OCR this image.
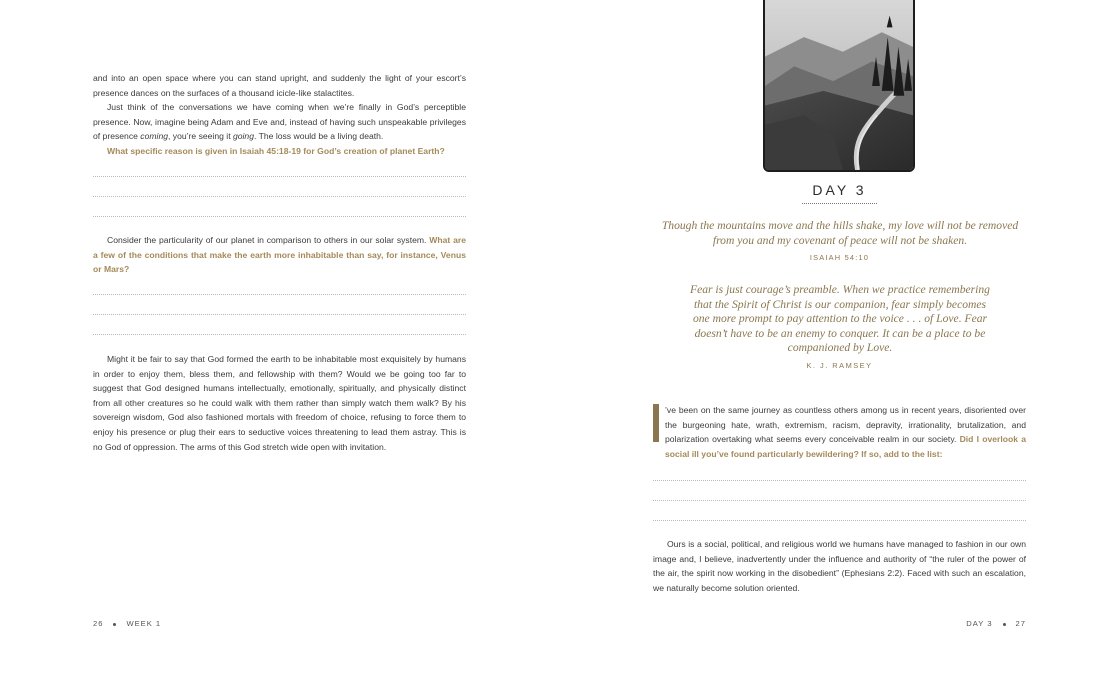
and into an open space where you can stand upright, and suddenly the light of your escort’s presence dances on the surfaces of a thousand icicle-like stalactites.

Just think of the conversations we have coming when we’re finally in God’s perceptible presence. Now, imagine being Adam and Eve and, instead of having such unspeakable privileges of presence coming, you’re seeing it going. The loss would be a living death.

What specific reason is given in Isaiah 45:18-19 for God’s creation of planet Earth?

Consider the particularity of our planet in comparison to others in our solar system. What are a few of the conditions that make the earth more inhabitable than say, for instance, Venus or Mars?

Might it be fair to say that God formed the earth to be inhabitable most exquisitely by humans in order to enjoy them, bless them, and fellowship with them? Would we be going too far to suggest that God designed humans intellectually, emotionally, spiritually, and physically distinct from all other creatures so he could walk with them rather than simply watch them walk? By his sovereign wisdom, God also fashioned mortals with freedom of choice, refusing to force them to enjoy his presence or plug their ears to seductive voices threatening to lead them astray. This is no God of oppression. The arms of this God stretch wide open with invitation.

26	WEEK 1
DAY 3
Though the mountains move and the hills shake, my love will not be removed from you and my covenant of peace will not be shaken.
ISAIAH 54:10
Fear is just courage’s preamble. When we practice remembering that the Spirit of Christ is our companion, fear simply becomes one more prompt to pay attention to the voice . . . of Love. Fear doesn’t have to be an enemy to conquer. It can be a place to be companioned by Love.
K. J. RAMSEY

’ve been on the same journey as countless others among us in recent years, disoriented over the burgeoning hate, wrath, extremism, racism, depravity, irrationality, brutalization, and polarization overtaking what seems every conceivable realm in our society. Did I overlook a social ill you’ve found particularly bewildering? If so, add to the list:

Ours is a social, political, and religious world we humans have managed to fashion in our own image and, I believe, inadvertently under the influence and authority of “the ruler of the power of the air, the spirit now working in the disobedient” (Ephesians 2:2). Faced with such an escalation, we naturally become solution oriented.

DAY 3	27
